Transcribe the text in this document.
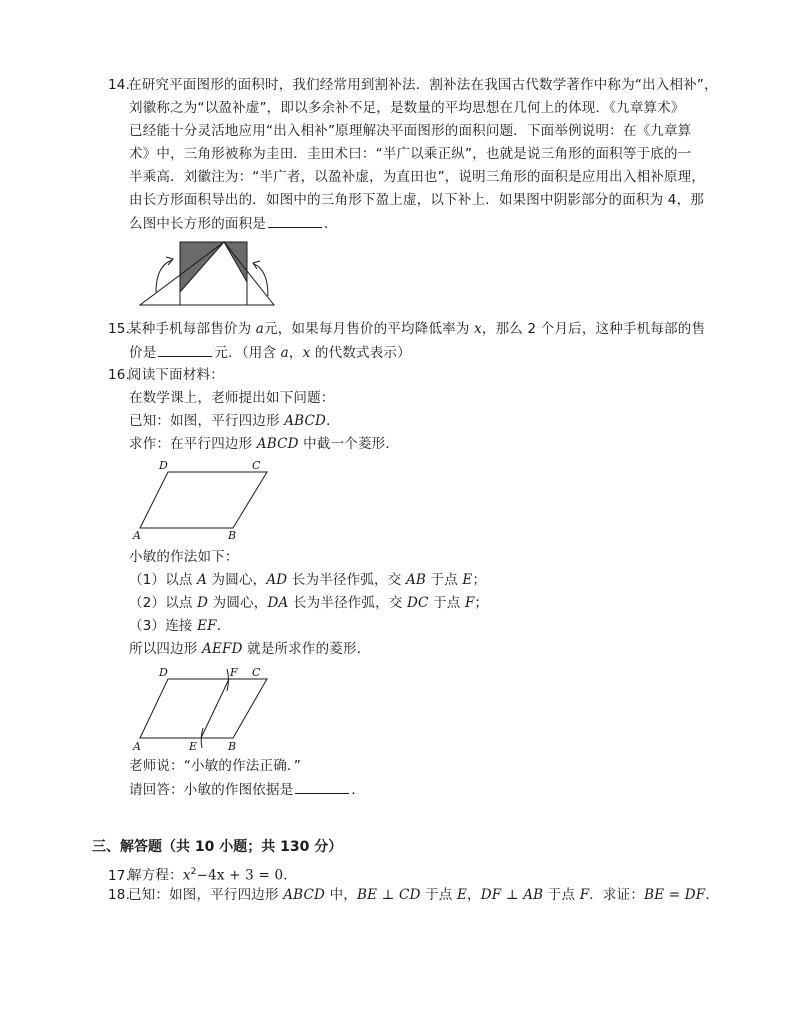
14.在研究平面图形的面积时，我们经常用到割补法．割补法在我国古代数学著作中称为“出入相补”，
刘徽称之为“以盈补虚”，即以多余补不足，是数量的平均思想在几何上的体现．《九章算术》
已经能十分灵活地应用“出入相补”原理解决平面图形的面积问题．下面举例说明：在《九章算
术》中，三角形被称为圭田．圭田术曰：“半广以乘正纵”，也就是说三角形的面积等于底的一
半乘高．刘徽注为：“半广者，以盈补虚，为直田也”，说明三角形的面积是应用出入相补原理，
由长方形面积导出的．如图中的三角形下盈上虚，以下补上．如果图中阴影部分的面积为 4，那
么图中长方形的面积是	．
15.某种手机每部售价为 a元，如果每月售价的平均降低率为 x，那么 2 个月后，这种手机每部的售
价是	元．（用含 a，x 的代数式表示）
16.阅读下面材料：
在数学课上，老师提出如下问题：
已知：如图，平行四边形 ABCD．
求作：在平行四边形 ABCD 中截一个菱形．
D	C
A	B
小敏的作法如下：
（1）以点 A 为圆心，AD 长为半径作弧，交 AB 于点 E；
（2）以点 D 为圆心，DA 长为半径作弧，交 DC 于点 F；
（3）连接 EF．
所以四边形 AEFD 就是所求作的菱形．
D	F C
A	E	B
老师说：“小敏的作法正确．”
请回答：小敏的作图依据是	．
三、解答题（共 10 小题；共 130 分）
17.解方程：$x^2-4x + 3 = 0$．
18.已知：如图，平行四边形 ABCD 中，BE ⊥ CD 于点 E，DF ⊥ AB 于点 F．求证：BE = DF．
